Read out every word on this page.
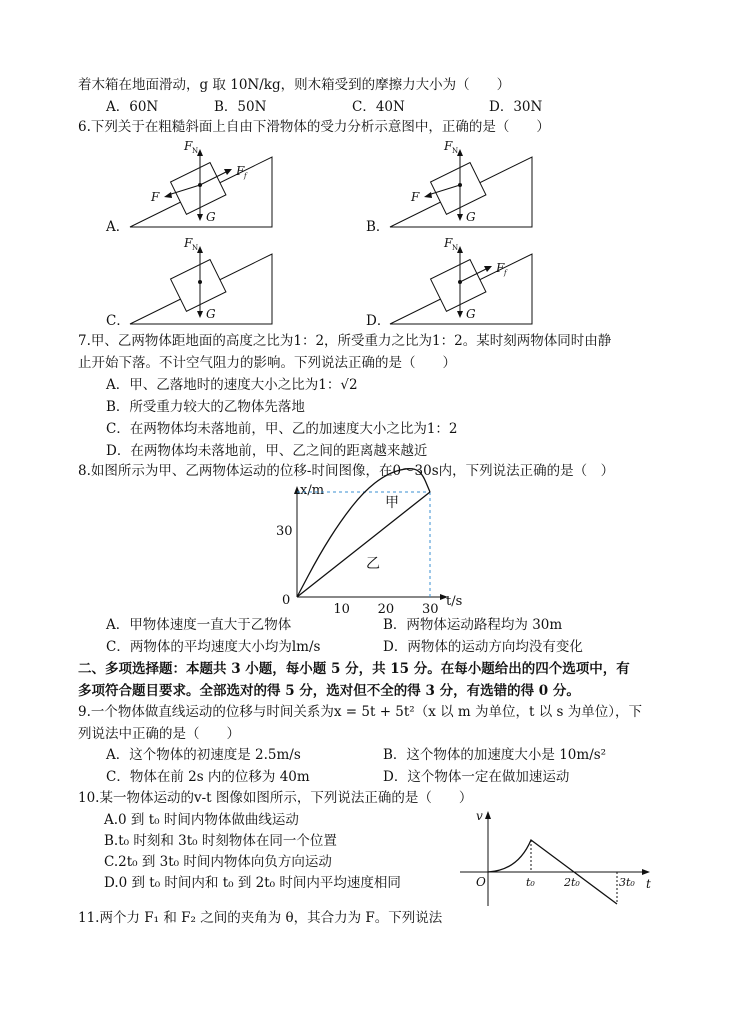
着木箱在地面滑动，g 取 10N/kg，则木箱受到的摩擦力大小为（　　）
A．60N	B．50N	C．40N	D．30N
6.下列关于在粗糙斜面上自由下滑物体的受力分析示意图中，正确的是（　　）
A．
F N
F f
F
G
B．
F N
F
G
C．
F N
G	D．
F N
F f
G
7.甲、乙两物体距地面的高度之比为1：2，所受重力之比为1：2。某时刻两物体同时由静
止开始下落。不计空气阻力的影响。下列说法正确的是（　　）
A．甲、乙落地时的速度大小之比为1：√2
B．所受重力较大的乙物体先落地
C．在两物体均未落地前，甲、乙的加速度大小之比为1：2
D．在两物体均未落地前，甲、乙之间的距离越来越近
8.如图所示为甲、乙两物体运动的位移-时间图像，在0～30s内，下列说法正确的是（　）
x/m
t/s
0
30
10 20 30
甲
乙
A．甲物体速度一直大于乙物体	B．两物体运动路程均为 30m
C．两物体的平均速度大小均为lm/s	D．两物体的运动方向均没有变化
二、多项选择题：本题共 3 小题，每小题 5 分，共 15 分。在每小题给出的四个选项中，有
多项符合题目要求。全部选对的得 5 分，选对但不全的得 3 分，有选错的得 0 分。
9.一个物体做直线运动的位移与时间关系为x = 5t + 5t²（x 以 m 为单位，t 以 s 为单位），下
列说法中正确的是（　　）
A．这个物体的初速度是 2.5m/s	B．这个物体的加速度大小是 10m/s²
C．物体在前 2s 内的位移为 40m	D．这个物体一定在做加速运动
10.某一物体运动的v-t 图像如图所示，下列说法正确的是（　　）
A.0 到 t₀ 时间内物体做曲线运动
B.t₀ 时刻和 3t₀ 时刻物体在同一个位置
C.2t₀ 到 3t₀ 时间内物体向负方向运动
D.0 到 t₀ 时间内和 t₀ 到 2t₀ 时间内平均速度相同
v
t
O	t₀	2t₀	3t₀
11.两个力 F₁ 和 F₂ 之间的夹角为 θ，其合力为 F。下列说法
